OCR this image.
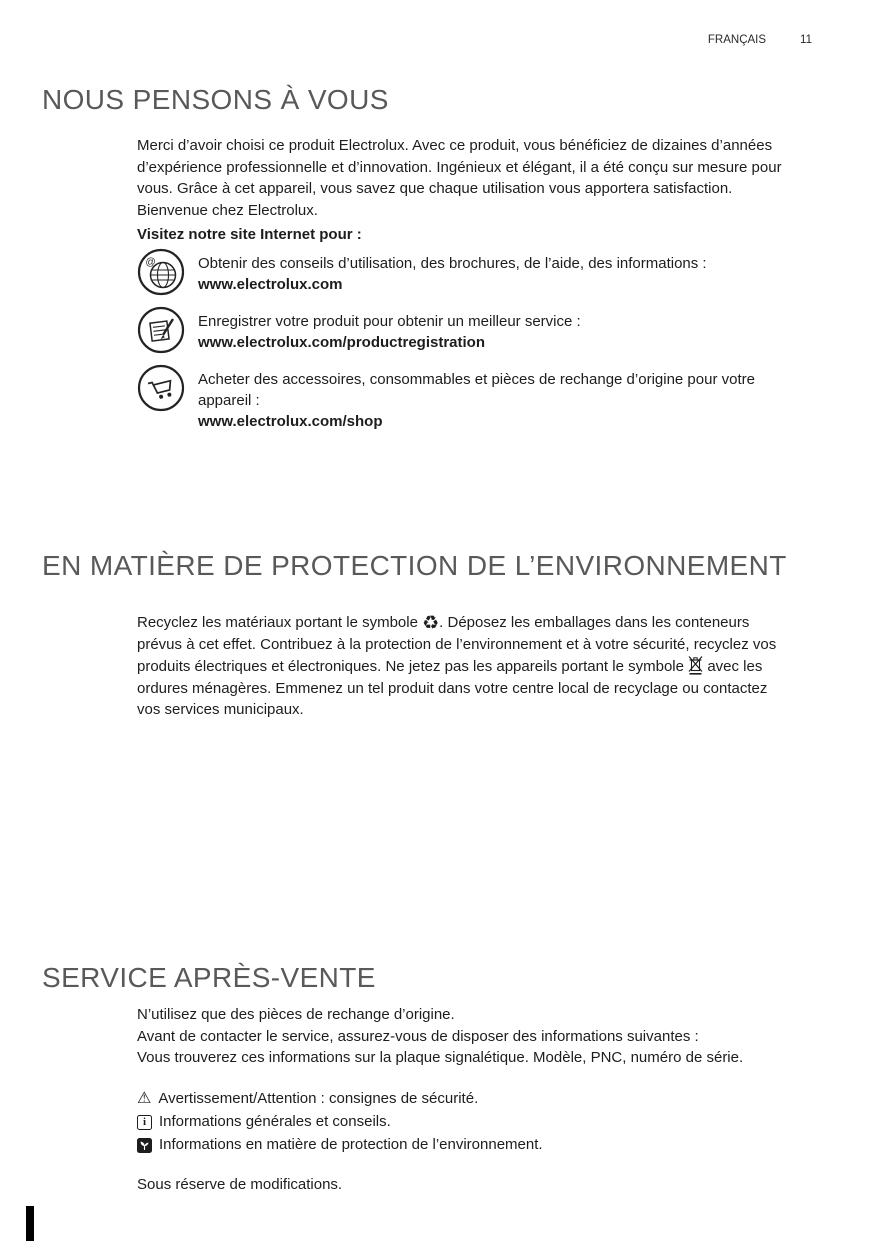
FRANÇAIS	11
NOUS PENSONS À VOUS

Merci d’avoir choisi ce produit Electrolux. Avec ce produit, vous bénéficiez de dizaines d’années d’expérience professionnelle et d’innovation. Ingénieux et élégant, il a été conçu sur mesure pour vous. Grâce à cet appareil, vous savez que chaque utilisation vous apportera satisfaction. Bienvenue chez Electrolux.

Visitez notre site Internet pour :

@	Obtenir des conseils d’utilisation, des brochures, de l’aide, des informations :
www.electrolux.com
Enregistrer votre produit pour obtenir un meilleur service :
www.electrolux.com/productregistration
Acheter des accessoires, consommables et pièces de rechange d’origine pour votre appareil :
www.electrolux.com/shop
EN MATIÈRE DE PROTECTION DE L’ENVIRONNEMENT

Recyclez les matériaux portant le symbole ♻. Déposez les emballages dans les conteneurs prévus à cet effet. Contribuez à la protection de l’environnement et à votre sécurité, recyclez vos produits électriques et électroniques. Ne jetez pas les appareils portant le symbole avec les ordures ménagères. Emmenez un tel produit dans votre centre local de recyclage ou contactez vos services municipaux.

SERVICE APRÈS-VENTE
N’utilisez que des pièces de rechange d’origine.
Avant de contacter le service, assurez-vous de disposer des informations suivantes :
Vous trouverez ces informations sur la plaque signalétique. Modèle, PNC, numéro de série.
⚠ Avertissement/Attention : consignes de sécurité.
i Informations générales et conseils.
Informations en matière de protection de l’environnement.

Sous réserve de modifications.
